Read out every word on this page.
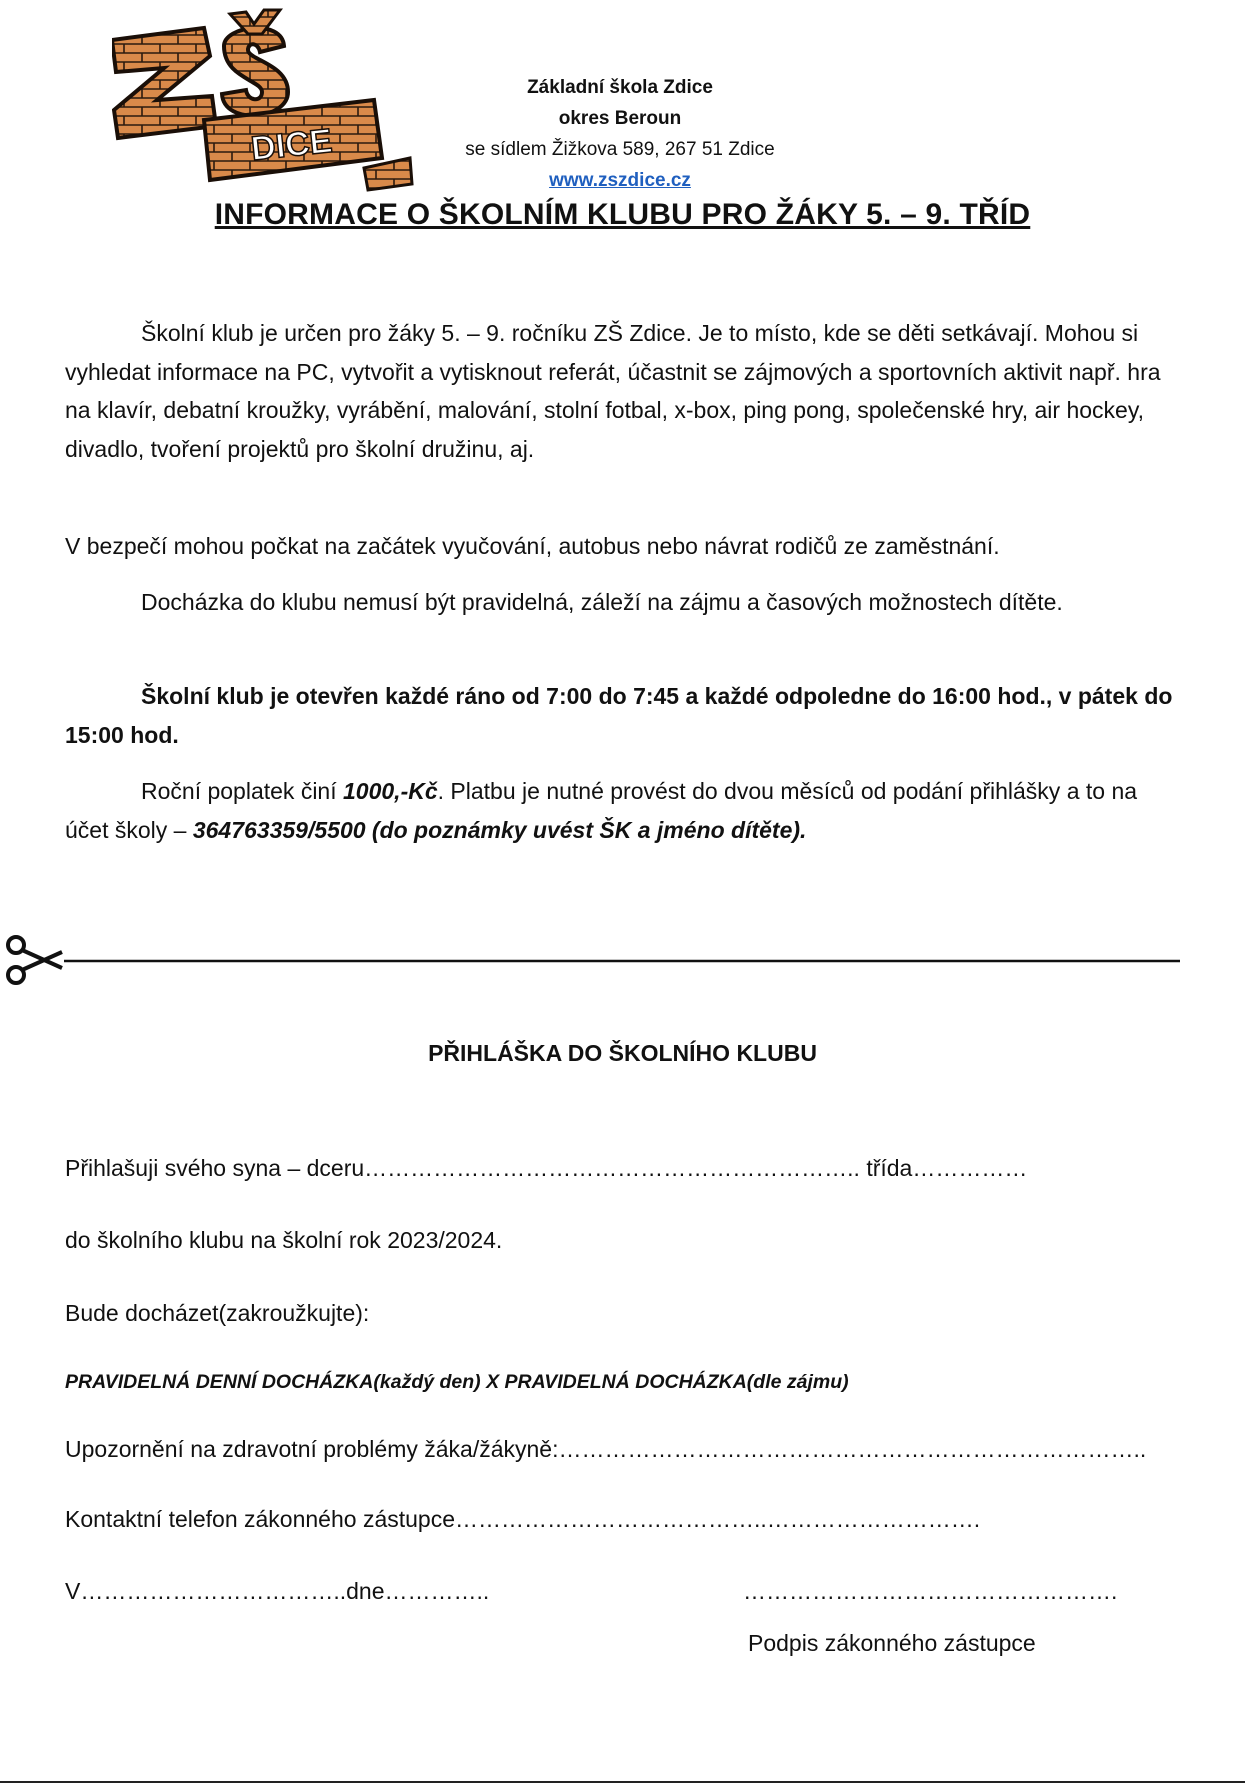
DICE
Základní škola Zdice
okres Beroun
se sídlem Žižkova 589, 267 51 Zdice
www.zszdice.cz
INFORMACE O ŠKOLNÍM KLUBU PRO ŽÁKY 5. – 9. TŘÍD
Školní klub je určen pro žáky 5. – 9. ročníku ZŠ Zdice. Je to místo, kde se děti setkávají. Mohou si vyhledat informace na PC, vytvořit a vytisknout referát, účastnit se zájmových a sportovních aktivit např. hra na klavír, debatní kroužky, vyrábění, malování, stolní fotbal, x-box, ping pong, společenské hry, air hockey, divadlo, tvoření projektů pro školní družinu, aj.
V bezpečí mohou počkat na začátek vyučování, autobus nebo návrat rodičů ze zaměstnání.
Docházka do klubu nemusí být pravidelná, záleží na zájmu a časových možnostech dítěte.
Školní klub je otevřen každé ráno od 7:00 do 7:45 a každé odpoledne do 16:00 hod., v pátek do 15:00 hod.
Roční poplatek činí 1000,-Kč. Platbu je nutné provést do dvou měsíců od podání přihlášky a to na účet školy – 364763359/5500 (do poznámky uvést ŠK a jméno dítěte).
PŘIHLÁŠKA DO ŠKOLNÍHO KLUBU
Přihlašuji svého syna – dceru……………………………………………………….. třída……………
do školního klubu na školní rok 2023/2024.
Bude docházet(zakroužkujte):
PRAVIDELNÁ DENNÍ DOCHÁZKA(každý den) X PRAVIDELNÁ DOCHÁZKA(dle zájmu)
Upozornění na zdravotní problémy žáka/žákyně:…………………………………………………………………..
Kontaktní telefon zákonného zástupce…………………………………..……………………….
V……………………………..dne…………..	………………………………………….
Podpis zákonného zástupce
